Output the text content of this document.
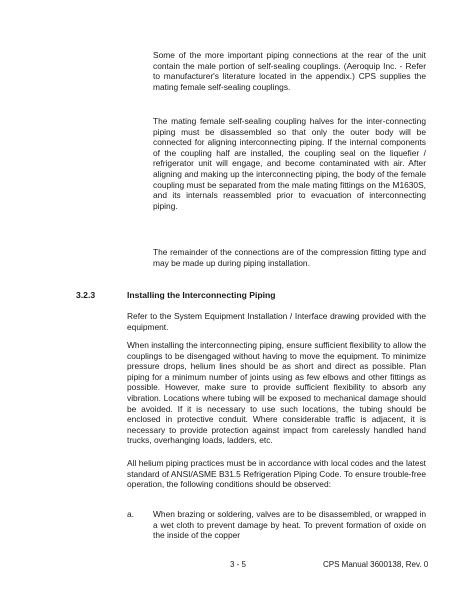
Some of the more important piping connections at the rear of the unit contain the male portion of self-sealing couplings. (Aeroquip Inc. - Refer to manufacturer's literature located in the appendix.) CPS supplies the mating female self-sealing couplings.

The mating female self-sealing coupling halves for the inter-connecting piping must be disassembled so that only the outer body will be connected for aligning interconnecting piping. If the internal components of the coupling half are installed, the coupling seal on the liquefier / refrigerator unit will engage, and become contaminated with air. After aligning and making up the interconnecting piping, the body of the female coupling must be separated from the male mating fittings on the M1630S, and its internals reassembled prior to evacuation of interconnecting piping.

The remainder of the connections are of the compression fitting type and may be made up during piping installation.

3.2.3	Installing the Interconnecting Piping

Refer to the System Equipment Installation / Interface drawing provided with the equipment.

When installing the interconnecting piping, ensure sufficient flexibility to allow the couplings to be disengaged without having to move the equipment. To minimize pressure drops, helium lines should be as short and direct as possible. Plan piping for a minimum number of joints using as few elbows and other fittings as possible. However, make sure to provide sufficient flexibility to absorb any vibration. Locations where tubing will be exposed to mechanical damage should be avoided. If it is necessary to use such locations, the tubing should be enclosed in protective conduit. Where considerable traffic is adjacent, it is necessary to provide protection against impact from carelessly handled hand trucks, overhanging loads, ladders, etc.

All helium piping practices must be in accordance with local codes and the latest standard of ANSI/ASME B31.5 Refrigeration Piping Code. To ensure trouble-free operation, the following conditions should be observed:

a. When brazing or soldering, valves are to be disassembled, or wrapped in a wet cloth to prevent damage by heat. To prevent formation of oxide on the inside of the copper

3 - 5	CPS Manual 3600138, Rev. 0
